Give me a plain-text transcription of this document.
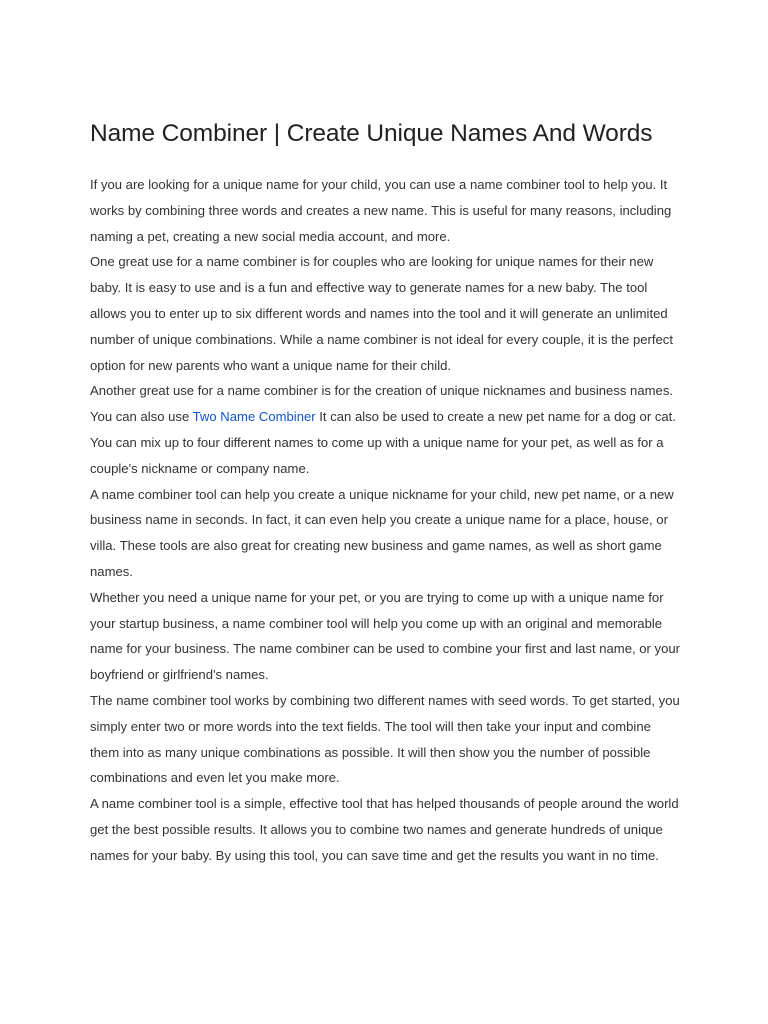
Name Combiner | Create Unique Names And Words

If you are looking for a unique name for your child, you can use a name combiner tool to help you. It works by combining three words and creates a new name. This is useful for many reasons, including naming a pet, creating a new social media account, and more.

One great use for a name combiner is for couples who are looking for unique names for their new baby. It is easy to use and is a fun and effective way to generate names for a new baby. The tool allows you to enter up to six different words and names into the tool and it will generate an unlimited number of unique combinations. While a name combiner is not ideal for every couple, it is the perfect option for new parents who want a unique name for their child.

Another great use for a name combiner is for the creation of unique nicknames and business names. You can also use Two Name Combiner It can also be used to create a new pet name for a dog or cat. You can mix up to four different names to come up with a unique name for your pet, as well as for a couple's nickname or company name.

A name combiner tool can help you create a unique nickname for your child, new pet name, or a new business name in seconds. In fact, it can even help you create a unique name for a place, house, or villa. These tools are also great for creating new business and game names, as well as short game names.

Whether you need a unique name for your pet, or you are trying to come up with a unique name for your startup business, a name combiner tool will help you come up with an original and memorable name for your business. The name combiner can be used to combine your first and last name, or your boyfriend or girlfriend's names.

The name combiner tool works by combining two different names with seed words. To get started, you simply enter two or more words into the text fields. The tool will then take your input and combine them into as many unique combinations as possible. It will then show you the number of possible combinations and even let you make more.

A name combiner tool is a simple, effective tool that has helped thousands of people around the world get the best possible results. It allows you to combine two names and generate hundreds of unique names for your baby. By using this tool, you can save time and get the results you want in no time.
